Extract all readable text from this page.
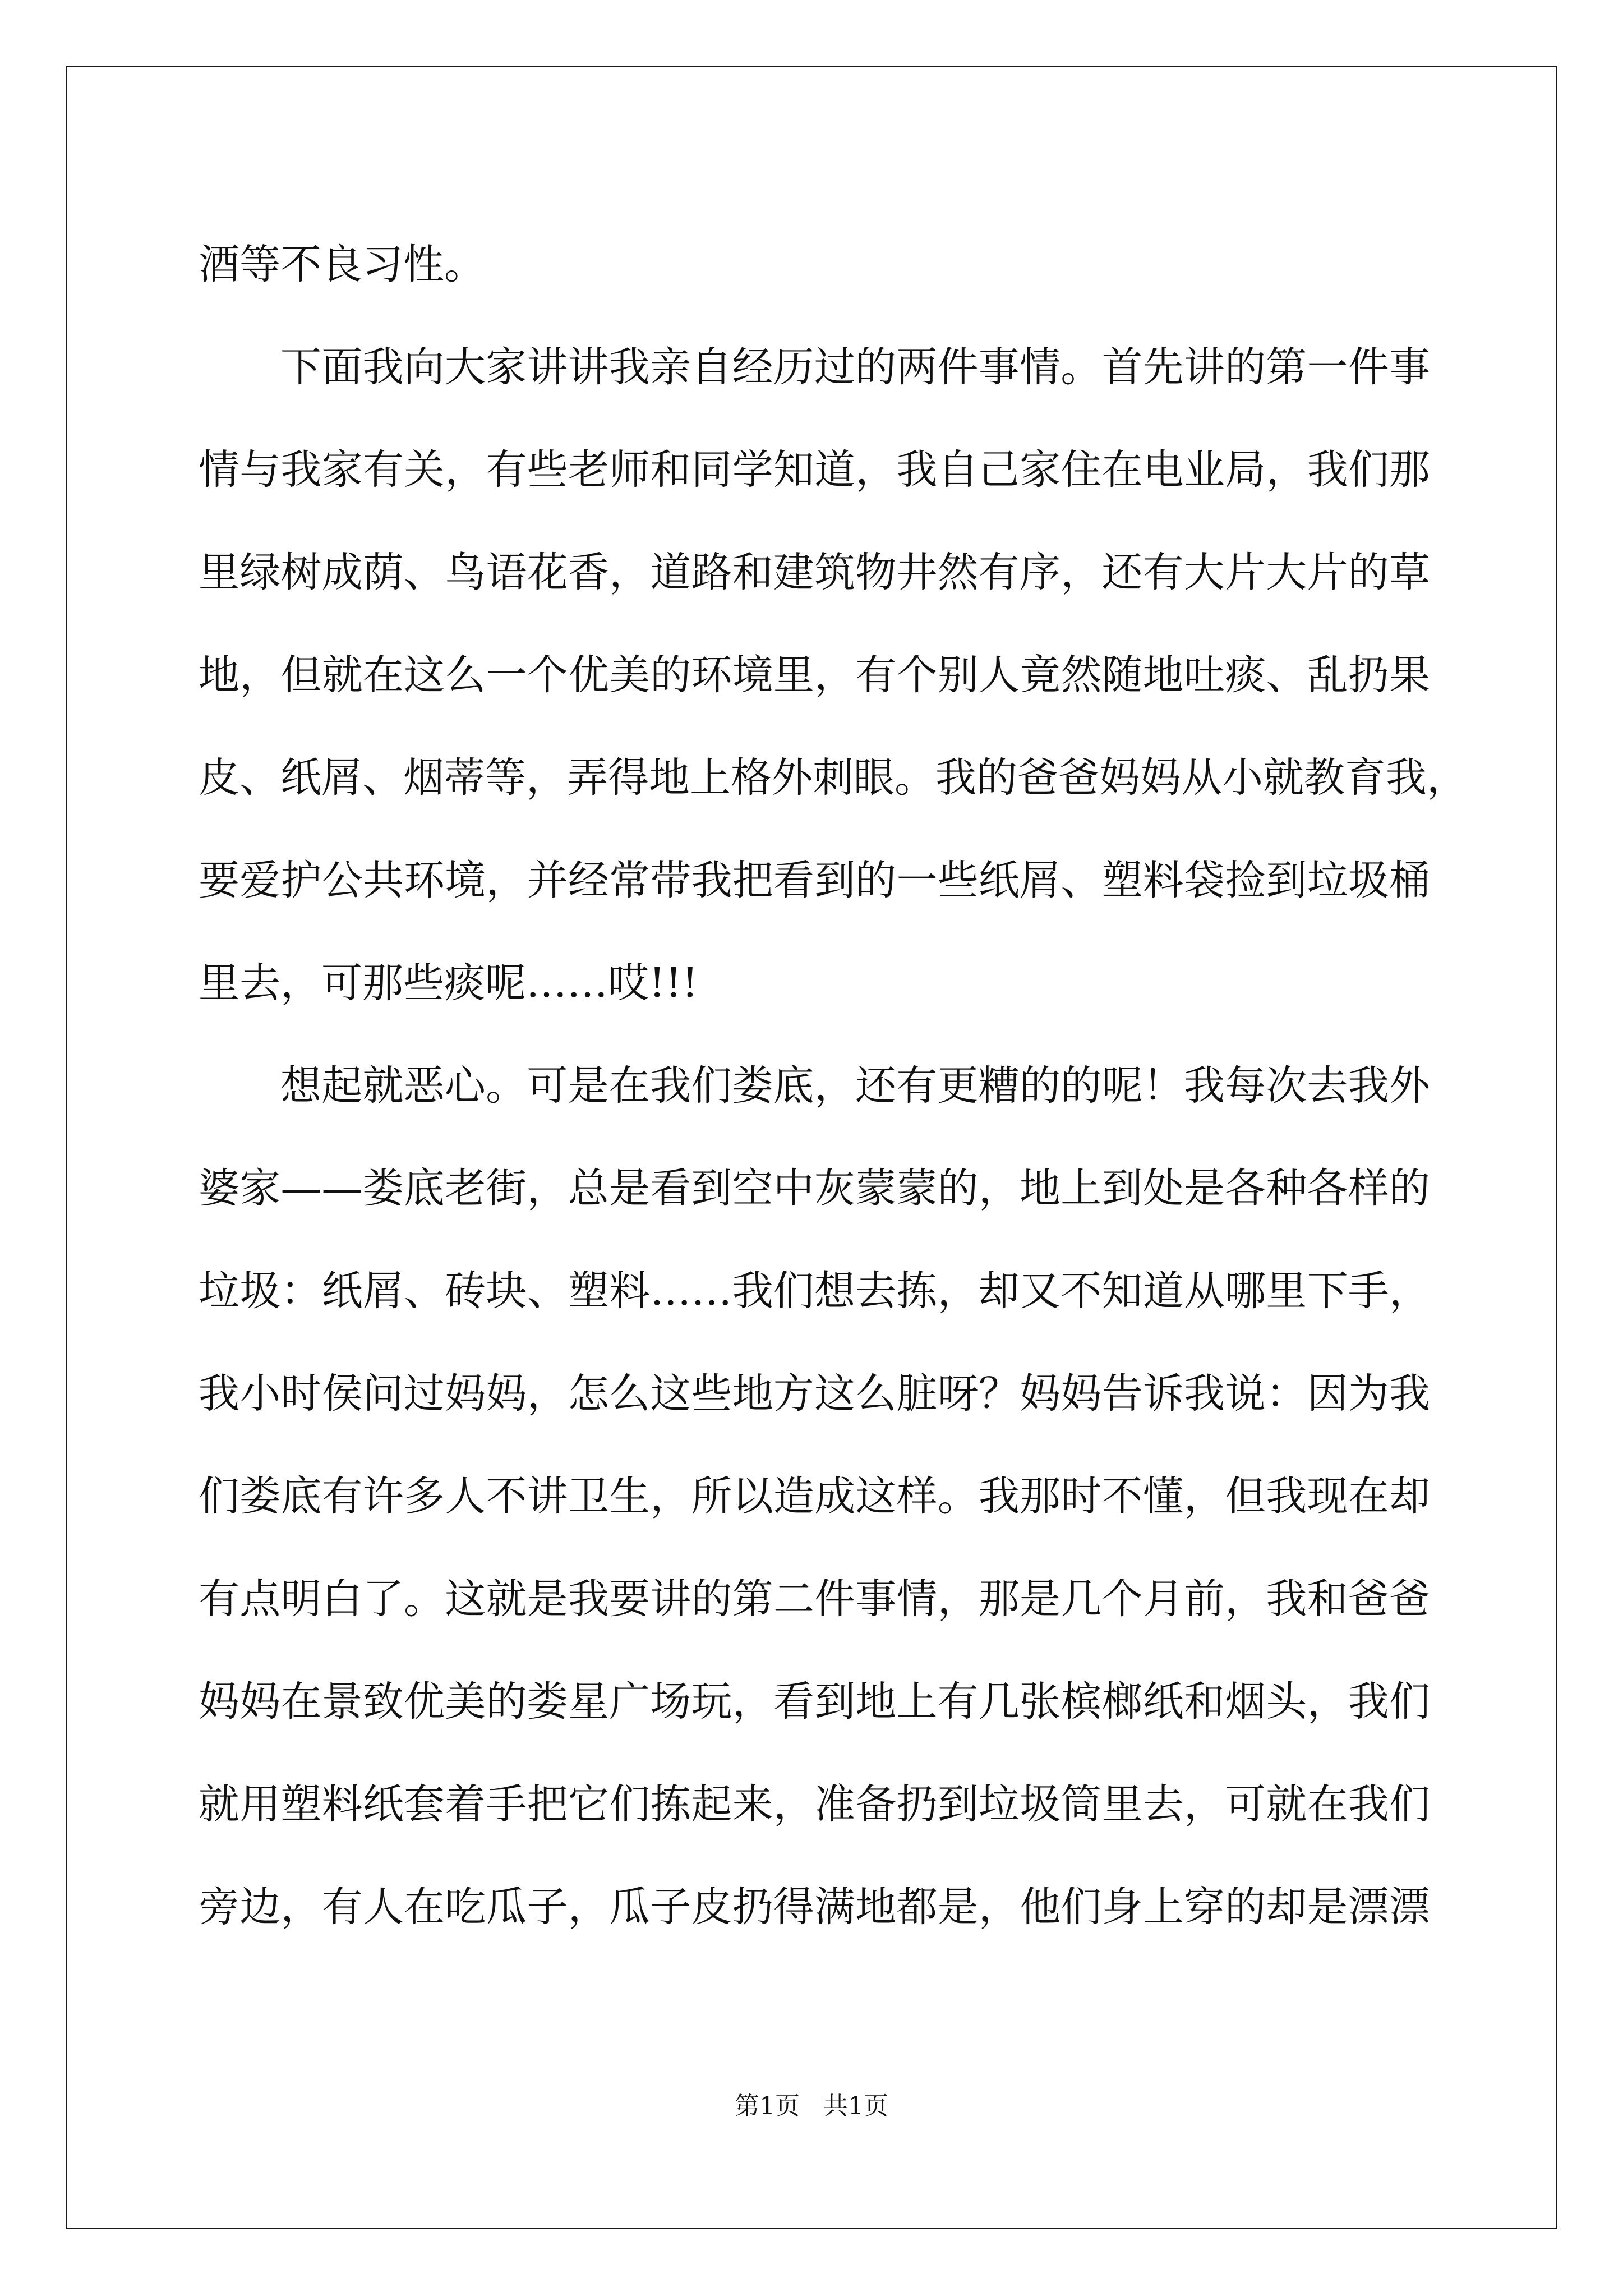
酒等不良习性。
下面我向大家讲讲我亲自经历过的两件事情。首先讲的第一件事
情与我家有关，有些老师和同学知道，我自己家住在电业局，我们那
里绿树成荫、鸟语花香，道路和建筑物井然有序，还有大片大片的草
地，但就在这么一个优美的环境里，有个别人竟然随地吐痰、乱扔果
皮、纸屑、烟蒂等，弄得地上格外刺眼。我的爸爸妈妈从小就教育我，
要爱护公共环境，并经常带我把看到的一些纸屑、塑料袋捡到垃圾桶
里去，可那些痰呢……哎!!!
想起就恶心。可是在我们娄底，还有更糟的的呢！我每次去我外
婆家——娄底老街，总是看到空中灰蒙蒙的，地上到处是各种各样的
垃圾：纸屑、砖块、塑料……我们想去拣，却又不知道从哪里下手，
我小时侯问过妈妈，怎么这些地方这么脏呀？妈妈告诉我说：因为我
们娄底有许多人不讲卫生，所以造成这样。我那时不懂，但我现在却
有点明白了。这就是我要讲的第二件事情，那是几个月前，我和爸爸
妈妈在景致优美的娄星广场玩，看到地上有几张槟榔纸和烟头，我们
就用塑料纸套着手把它们拣起来，准备扔到垃圾筒里去，可就在我们
旁边，有人在吃瓜子，瓜子皮扔得满地都是，他们身上穿的却是漂漂
第1页   共1页
